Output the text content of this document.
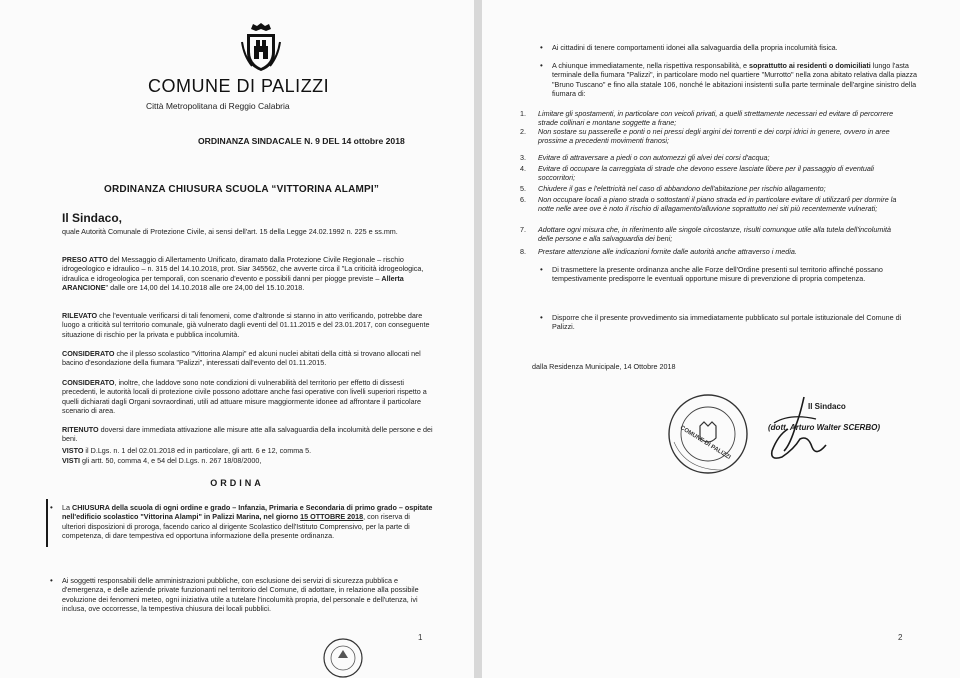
COMUNE DI PALIZZI
Città Metropolitana di Reggio Calabria
ORDINANZA SINDACALE N. 9 DEL 14 ottobre 2018
ORDINANZA CHIUSURA SCUOLA “VITTORINA ALAMPI”
Il Sindaco,
quale Autorità Comunale di Protezione Civile, ai sensi dell'art. 15 della Legge 24.02.1992 n. 225 e ss.mm.
PRESO ATTO del Messaggio di Allertamento Unificato, diramato dalla Protezione Civile Regionale – rischio idrogeologico e idraulico – n. 315 del 14.10.2018, prot. Siar 345562, che avverte circa il "La criticità idrogeologica, idraulica e idrogeologica per temporali, con scenario d'evento e possibili danni per piogge previste – Allerta ARANCIONE" dalle ore 14,00 del 14.10.2018 alle ore 24,00 del 15.10.2018.
RILEVATO che l'eventuale verificarsi di tali fenomeni, come d'altronde si stanno in atto verificando, potrebbe dare luogo a criticità sul territorio comunale, già vulnerato dagli eventi del 01.11.2015 e del 23.01.2017, con conseguente situazione di rischio per la privata e pubblica incolumità.
CONSIDERATO che il plesso scolastico "Vittorina Alampi" ed alcuni nuclei abitati della città si trovano allocati nel bacino d'esondazione della fiumara "Palizzi", interessati dall'evento del 01.11.2015.
CONSIDERATO, inoltre, che laddove sono note condizioni di vulnerabilità del territorio per effetto di dissesti precedenti, le autorità locali di protezione civile possono adottare anche fasi operative con livelli superiori rispetto a quelli dichiarati dagli Organi sovraordinati, utili ad attuare misure maggiormente idonee ad affrontare il particolare scenario di area.
RITENUTO doversi dare immediata attivazione alle misure atte alla salvaguardia della incolumità delle persone e dei beni.
VISTO il D.Lgs. n. 1 del 02.01.2018 ed in particolare, gli artt. 6 e 12, comma 5.
VISTI gli artt. 50, comma 4, e 54 del D.Lgs. n. 267 18/08/2000,
ORDINA
• La CHIUSURA della scuola di ogni ordine e grado – Infanzia, Primaria e Secondaria di primo grado – ospitate nell'edificio scolastico "Vittorina Alampi" in Palizzi Marina, nel giorno 15 OTTOBRE 2018, con riserva di ulteriori disposizioni di proroga, facendo carico al dirigente Scolastico dell'Istituto Comprensivo, per la parte di competenza, di dare tempestiva ed opportuna informazione della presente ordinanza.
• Ai soggetti responsabili delle amministrazioni pubbliche, con esclusione dei servizi di sicurezza pubblica e d'emergenza, e delle aziende private funzionanti nel territorio del Comune, di adottare, in relazione alla possibile evoluzione dei fenomeni meteo, ogni iniziativa utile a tutelare l'incolumità propria, del personale e dell'utenza, ivi inclusa, ove occorresse, la tempestiva chiusura dei locali pubblici.
1
• Ai cittadini di tenere comportamenti idonei alla salvaguardia della propria incolumità fisica.
• A chiunque immediatamente, nella rispettiva responsabilità, e soprattutto ai residenti o domiciliati lungo l'asta terminale della fiumara "Palizzi", in particolare modo nel quartiere "Murrotto" nella zona abitato relativa dalla piazza "Bruno Tuscano" e fino alla statale 106, nonché le abitazioni insistenti sulla parte terminale dell'argine sinistro della fiumara di:
1. Limitare gli spostamenti, in particolare con veicoli privati, a quelli strettamente necessari ed evitare di percorrere strade collinari e montane soggette a frane;
2. Non sostare su passerelle e ponti o nei pressi degli argini dei torrenti e dei corpi idrici in genere, ovvero in aree prossime a precedenti movimenti franosi;
3. Evitare di attraversare a piedi o con automezzi gli alvei dei corsi d'acqua;
4. Evitare di occupare la carreggiata di strade che devono essere lasciate libere per il passaggio di eventuali soccorritori;
5. Chiudere il gas e l'elettricità nel caso di abbandono dell'abitazione per rischio allagamento;
6. Non occupare locali a piano strada o sottostanti il piano strada ed in particolare evitare di utilizzarli per dormire la notte nelle aree ove è noto il rischio di allagamento/alluvione soprattutto nei siti più recentemente vulnerati;
7. Adottare ogni misura che, in riferimento alle singole circostanze, risulti comunque utile alla tutela dell'incolumità delle persone e alla salvaguardia dei beni;
8. Prestare attenzione alle indicazioni fornite dalle autorità anche attraverso i media.
• Di trasmettere la presente ordinanza anche alle Forze dell'Ordine presenti sul territorio affinché possano tempestivamente predisporre le eventuali opportune misure di prevenzione di propria competenza.
• Disporre che il presente provvedimento sia immediatamente pubblicato sul portale istituzionale del Comune di Palizzi.
dalla Residenza Municipale, 14 Ottobre 2018
COMUNE DI PALIZZI
Il Sindaco
(dott. Arturo Walter SCERBO)
2
